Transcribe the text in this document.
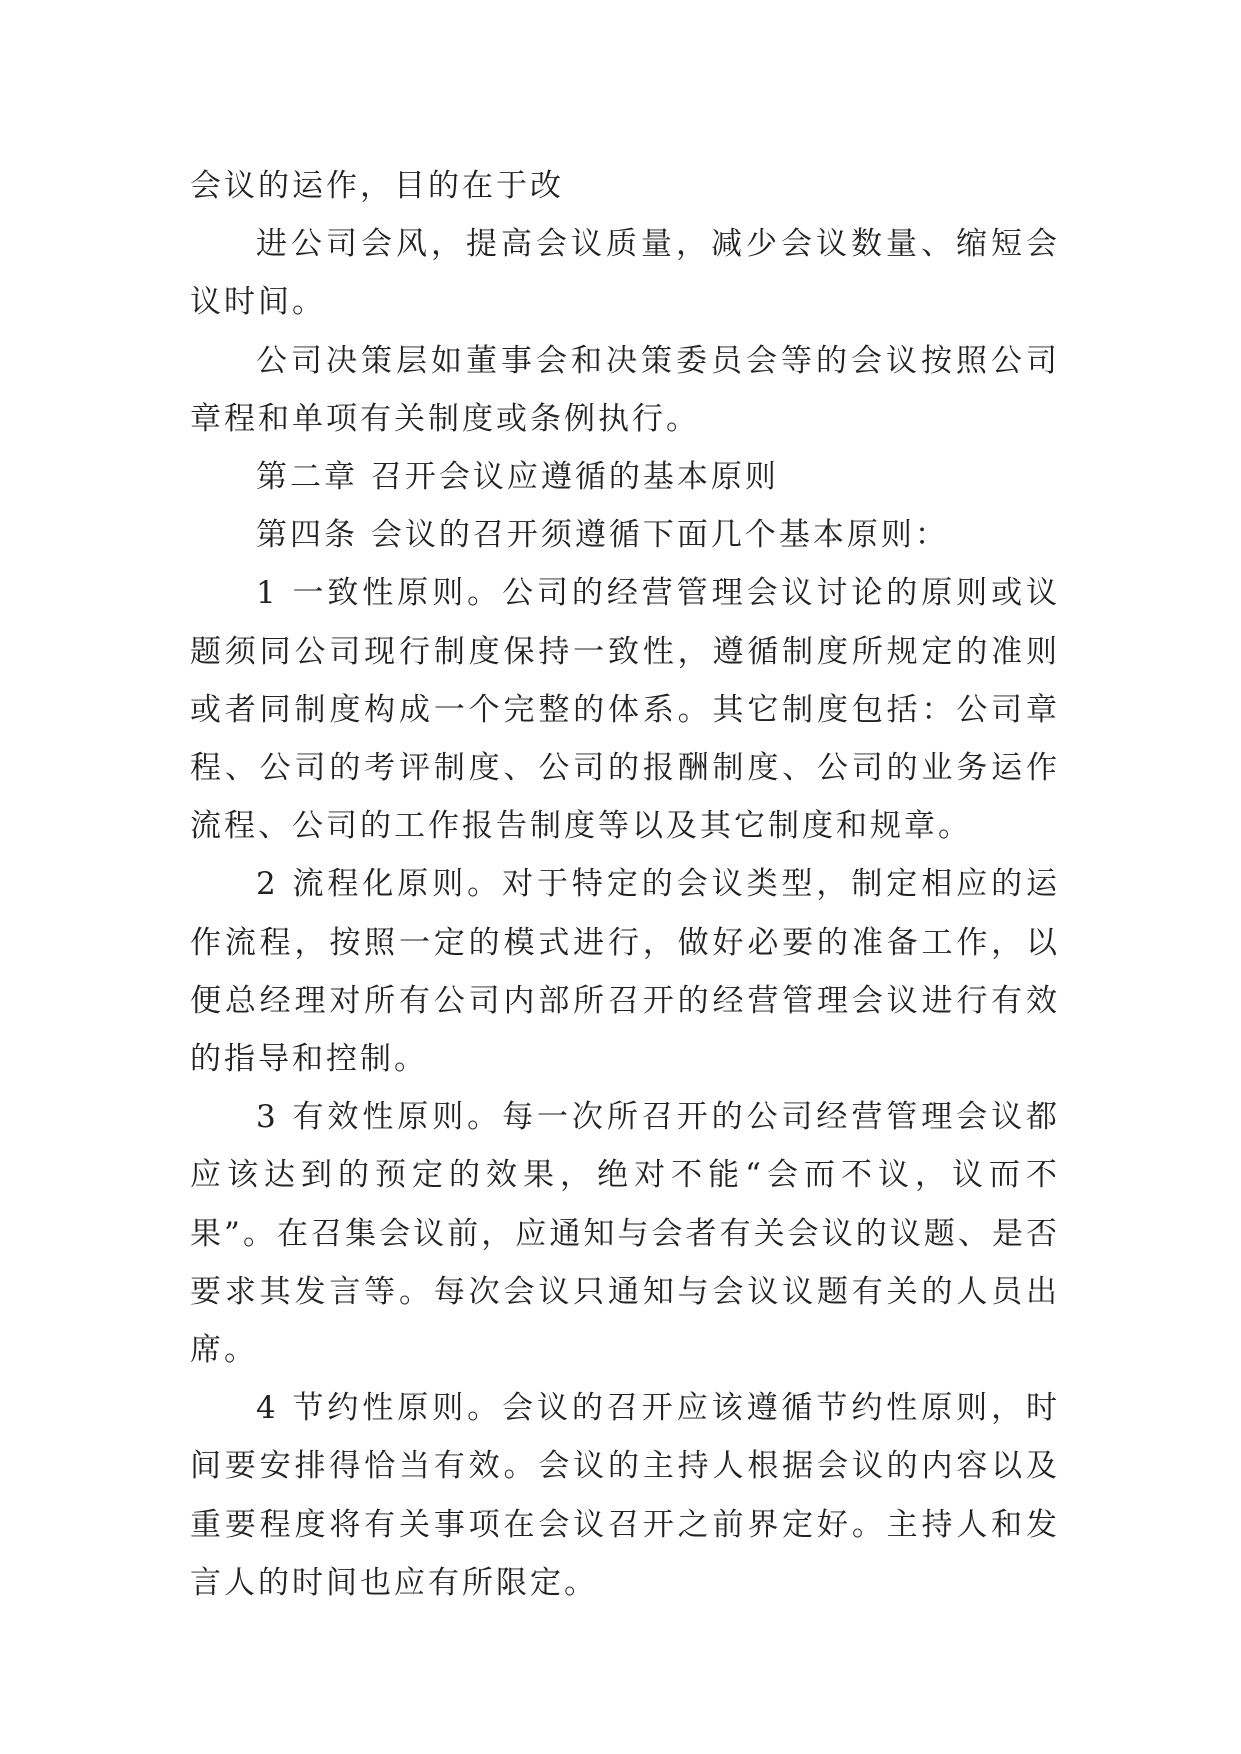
会议的运作，目的在于改

进公司会风，提高会议质量，减少会议数量、缩短会议时间。

公司决策层如董事会和决策委员会等的会议按照公司章程和单项有关制度或条例执行。

第二章 召开会议应遵循的基本原则

第四条 会议的召开须遵循下面几个基本原则：

1 一致性原则。公司的经营管理会议讨论的原则或议题须同公司现行制度保持一致性，遵循制度所规定的准则或者同制度构成一个完整的体系。其它制度包括：公司章程、公司的考评制度、公司的报酬制度、公司的业务运作流程、公司的工作报告制度等以及其它制度和规章。

2 流程化原则。对于特定的会议类型，制定相应的运作流程，按照一定的模式进行，做好必要的准备工作，以便总经理对所有公司内部所召开的经营管理会议进行有效的指导和控制。

3 有效性原则。每一次所召开的公司经营管理会议都应该达到的预定的效果，绝对不能“会而不议，议而不果”。在召集会议前，应通知与会者有关会议的议题、是否要求其发言等。每次会议只通知与会议议题有关的人员出席。

4 节约性原则。会议的召开应该遵循节约性原则，时间要安排得恰当有效。会议的主持人根据会议的内容以及重要程度将有关事项在会议召开之前界定好。主持人和发言人的时间也应有所限定。
